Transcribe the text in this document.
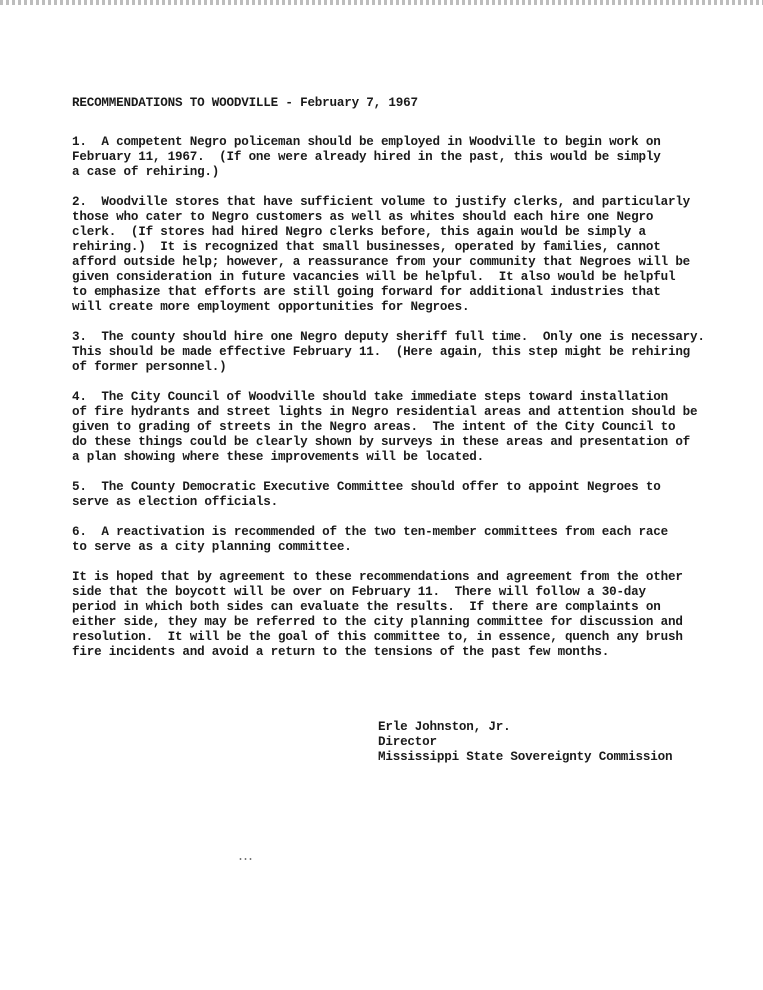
RECOMMENDATIONS TO WOODVILLE - February 7, 1967
1.  A competent Negro policeman should be employed in Woodville to begin work on
February 11, 1967.  (If one were already hired in the past, this would be simply
a case of rehiring.)
2.  Woodville stores that have sufficient volume to justify clerks, and particularly
those who cater to Negro customers as well as whites should each hire one Negro
clerk.  (If stores had hired Negro clerks before, this again would be simply a
rehiring.)  It is recognized that small businesses, operated by families, cannot
afford outside help; however, a reassurance from your community that Negroes will be
given consideration in future vacancies will be helpful.  It also would be helpful
to emphasize that efforts are still going forward for additional industries that
will create more employment opportunities for Negroes.
3.  The county should hire one Negro deputy sheriff full time.  Only one is necessary.
This should be made effective February 11.  (Here again, this step might be rehiring
of former personnel.)
4.  The City Council of Woodville should take immediate steps toward installation
of fire hydrants and street lights in Negro residential areas and attention should be
given to grading of streets in the Negro areas.  The intent of the City Council to
do these things could be clearly shown by surveys in these areas and presentation of
a plan showing where these improvements will be located.
5.  The County Democratic Executive Committee should offer to appoint Negroes to
serve as election officials.
6.  A reactivation is recommended of the two ten-member committees from each race
to serve as a city planning committee.
It is hoped that by agreement to these recommendations and agreement from the other
side that the boycott will be over on February 11.  There will follow a 30-day
period in which both sides can evaluate the results.  If there are complaints on
either side, they may be referred to the city planning committee for discussion and
resolution.  It will be the goal of this committee to, in essence, quench any brush
fire incidents and avoid a return to the tensions of the past few months.
Erle Johnston, Jr.
Director
Mississippi State Sovereignty Commission
